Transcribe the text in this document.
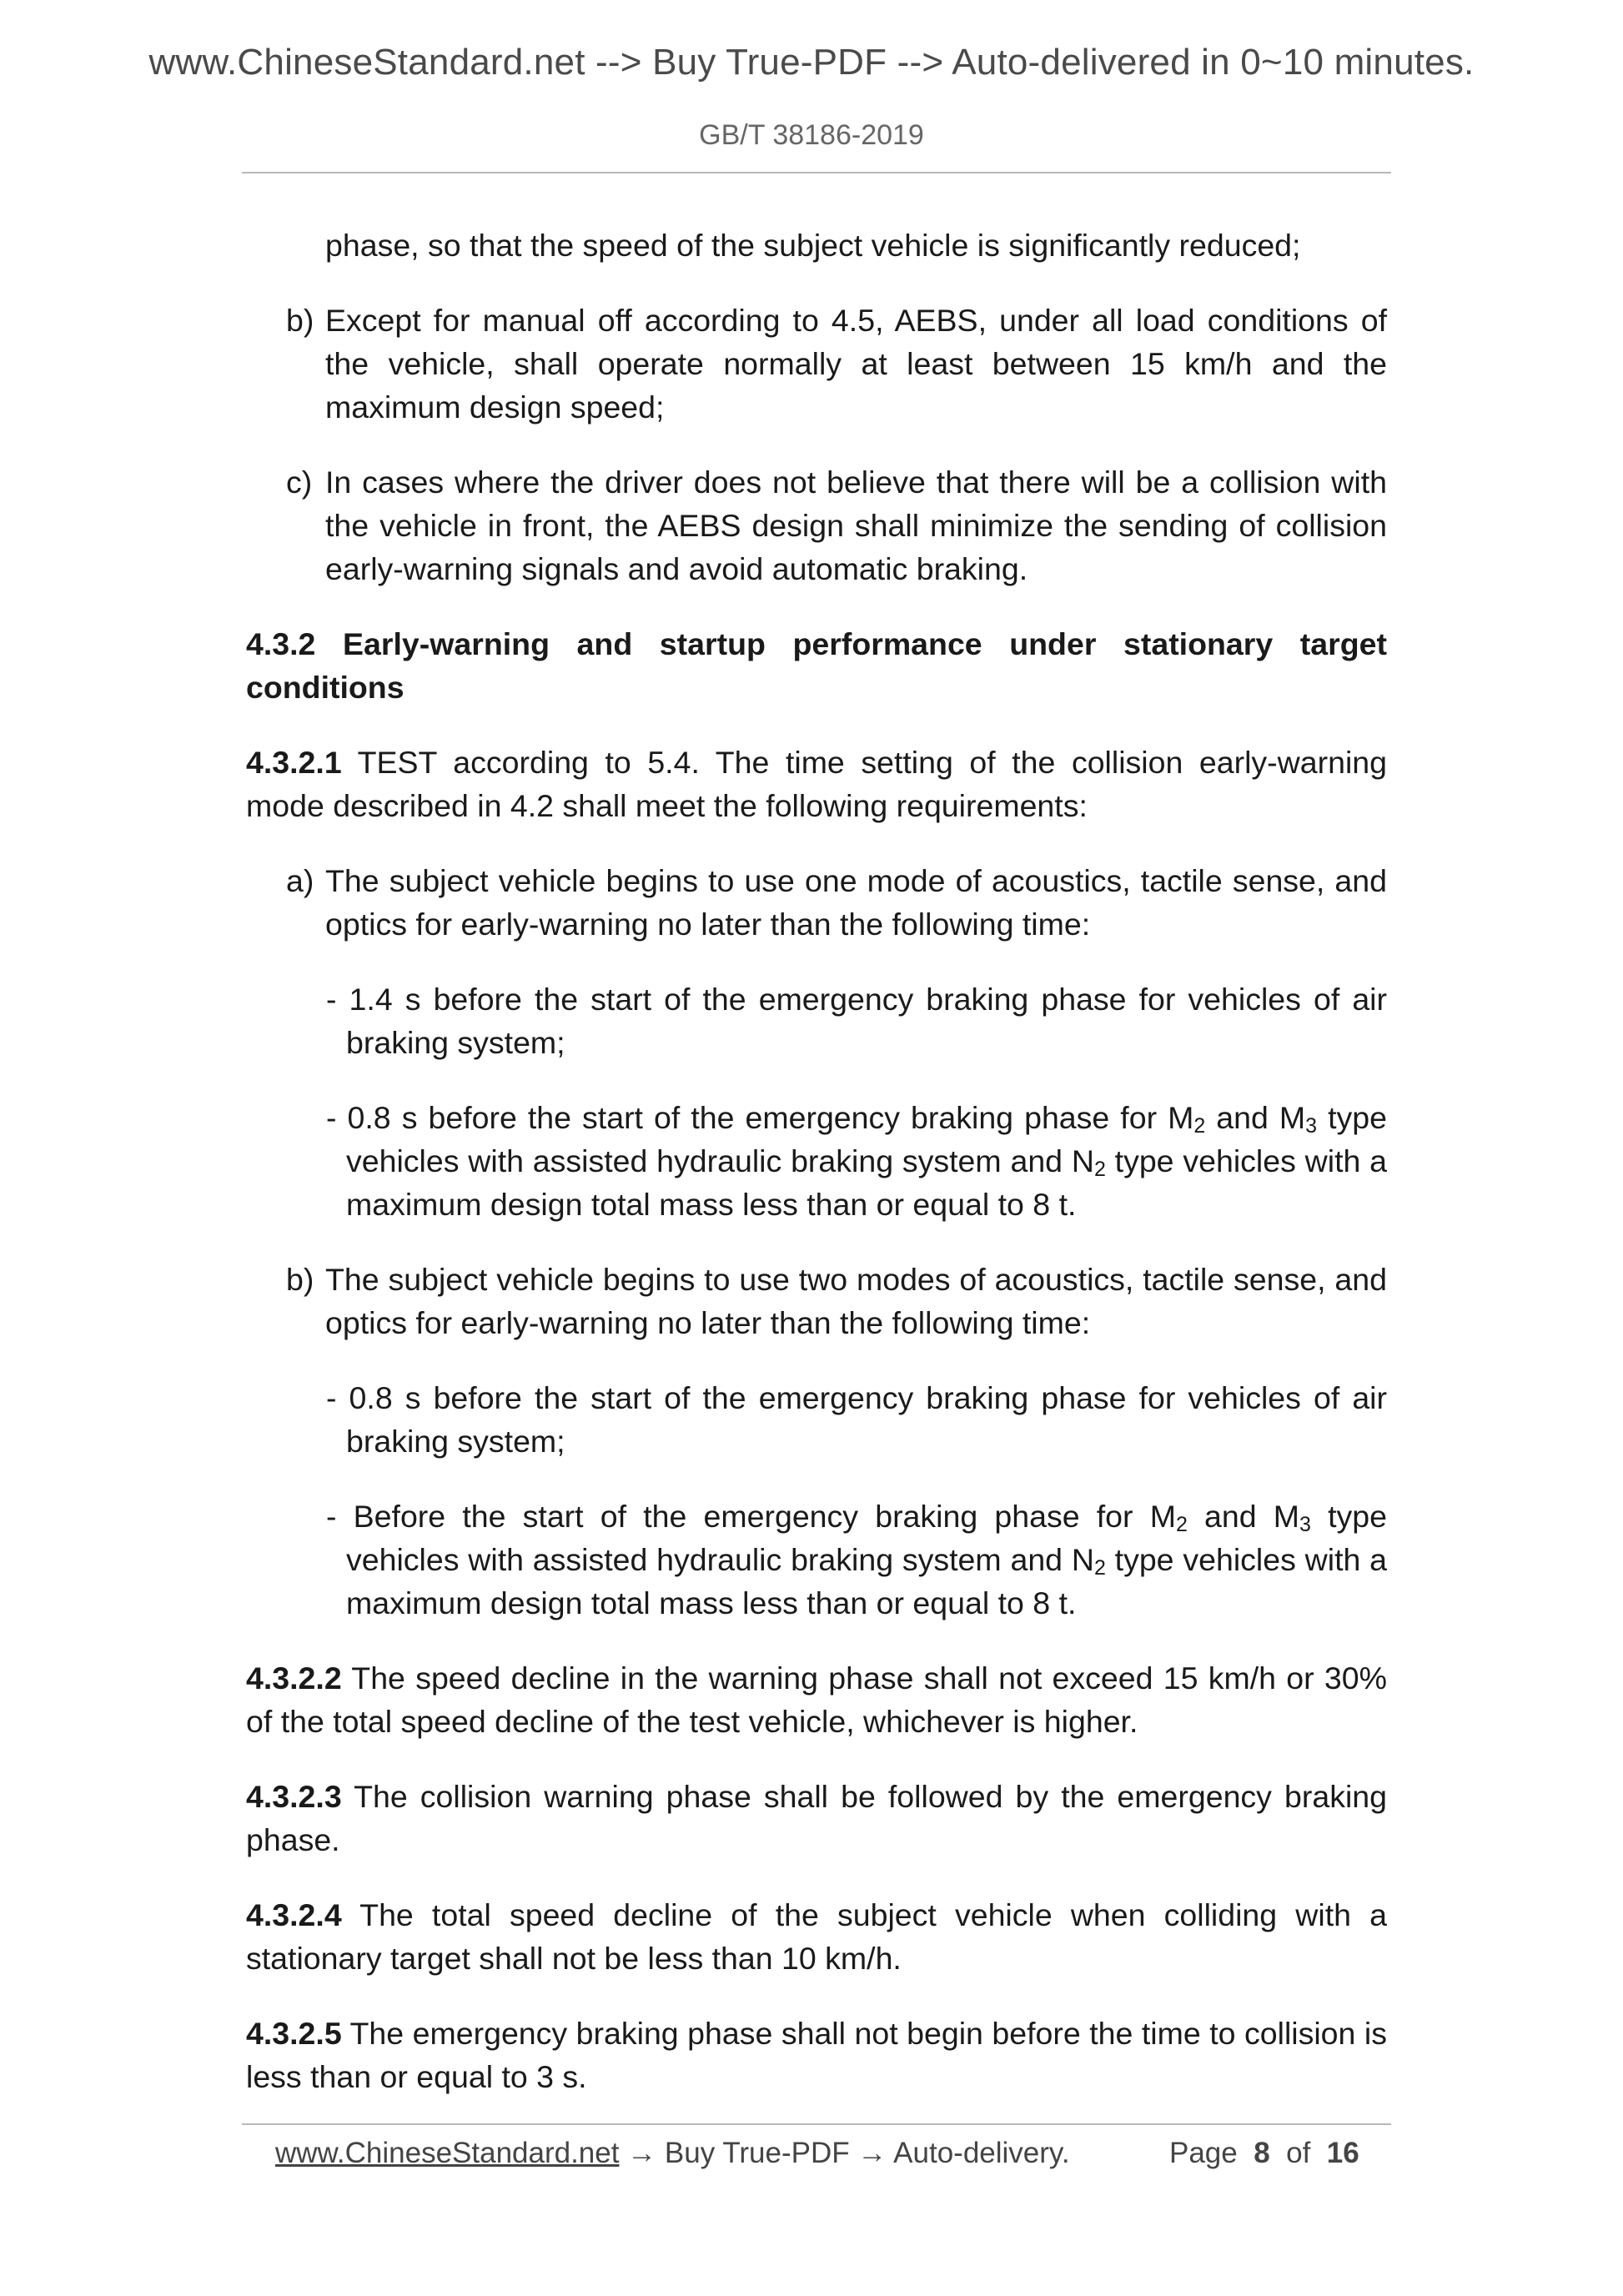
www.ChineseStandard.net --> Buy True-PDF --> Auto-delivered in 0~10 minutes.
GB/T 38186-2019

phase, so that the speed of the subject vehicle is significantly reduced;

b) Except for manual off according to 4.5, AEBS, under all load conditions of the vehicle, shall operate normally at least between 15 km/h and the maximum design speed;

c) In cases where the driver does not believe that there will be a collision with the vehicle in front, the AEBS design shall minimize the sending of collision early-warning signals and avoid automatic braking.

4.3.2 Early-warning and startup performance under stationary target conditions

4.3.2.1 TEST according to 5.4. The time setting of the collision early-warning mode described in 4.2 shall meet the following requirements:

a) The subject vehicle begins to use one mode of acoustics, tactile sense, and optics for early-warning no later than the following time:

- 1.4 s before the start of the emergency braking phase for vehicles of air braking system;

- 0.8 s before the start of the emergency braking phase for $M_2$ and $M_3$ type vehicles with assisted hydraulic braking system and $N_2$ type vehicles with a maximum design total mass less than or equal to 8 t.

b) The subject vehicle begins to use two modes of acoustics, tactile sense, and optics for early-warning no later than the following time:

- 0.8 s before the start of the emergency braking phase for vehicles of air braking system;

- Before the start of the emergency braking phase for $M_2$ and $M_3$ type vehicles with assisted hydraulic braking system and $N_2$ type vehicles with a maximum design total mass less than or equal to 8 t.

4.3.2.2 The speed decline in the warning phase shall not exceed 15 km/h or 30% of the total speed decline of the test vehicle, whichever is higher.

4.3.2.3 The collision warning phase shall be followed by the emergency braking phase.

4.3.2.4 The total speed decline of the subject vehicle when colliding with a stationary target shall not be less than 10 km/h.

4.3.2.5 The emergency braking phase shall not begin before the time to collision is less than or equal to 3 s.

www.ChineseStandard.net → Buy True-PDF → Auto-delivery.	Page 8 of 16
